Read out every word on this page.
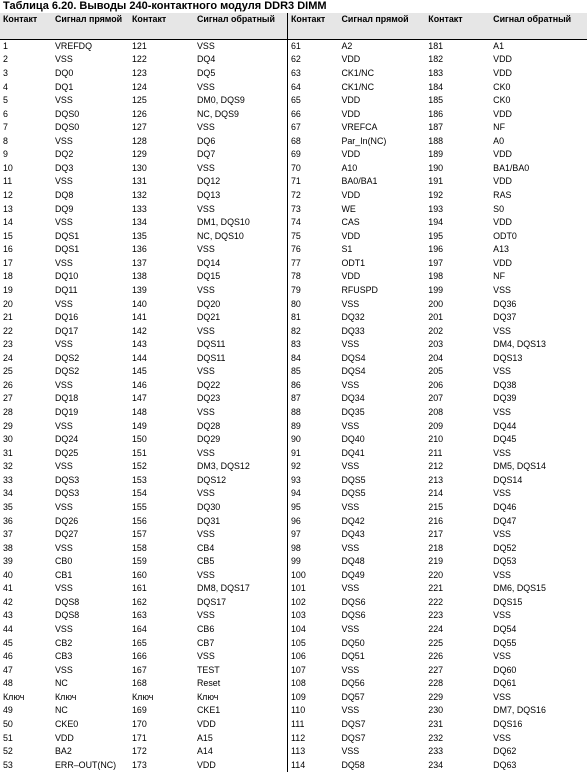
Таблица 6.20. Выводы 240-контактного модуля DDR3 DIMM
Контакт	Сигнал прямой	Контакт	Сигнал обратный
1	VREFDQ	121	VSS
2	VSS	122	DQ4
3	DQ0	123	DQ5
4	DQ1	124	VSS
5	VSS	125	DM0, DQS9
6	DQS0	126	NC, DQS9
7	DQS0	127	VSS
8	VSS	128	DQ6
9	DQ2	129	DQ7
10	DQ3	130	VSS
11	VSS	131	DQ12
12	DQ8	132	DQ13
13	DQ9	133	VSS
14	VSS	134	DM1, DQS10
15	DQS1	135	NC, DQS10
16	DQS1	136	VSS
17	VSS	137	DQ14
18	DQ10	138	DQ15
19	DQ11	139	VSS
20	VSS	140	DQ20
21	DQ16	141	DQ21
22	DQ17	142	VSS
23	VSS	143	DQS11
24	DQS2	144	DQS11
25	DQS2	145	VSS
26	VSS	146	DQ22
27	DQ18	147	DQ23
28	DQ19	148	VSS
29	VSS	149	DQ28
30	DQ24	150	DQ29
31	DQ25	151	VSS
32	VSS	152	DM3, DQS12
33	DQS3	153	DQS12
34	DQS3	154	VSS
35	VSS	155	DQ30
36	DQ26	156	DQ31
37	DQ27	157	VSS
38	VSS	158	CB4
39	CB0	159	CB5
40	CB1	160	VSS
41	VSS	161	DM8, DQS17
42	DQS8	162	DQS17
43	DQS8	163	VSS
44	VSS	164	CB6
45	CB2	165	CB7
46	CB3	166	VSS
47	VSS	167	TEST
48	NC	168	Reset
Ключ	Ключ	Ключ	Ключ
49	NC	169	CKE1
50	CKE0	170	VDD
51	VDD	171	A15
52	BA2	172	A14
53	ERR–OUT(NC)	173	VDD
Контакт	Сигнал прямой	Контакт	Сигнал обратный
61	A2	181	A1
62	VDD	182	VDD
63	CK1/NC	183	VDD
64	CK1/NC	184	CK0
65	VDD	185	CK0
66	VDD	186	VDD
67	VREFCA	187	NF
68	Par_In(NC)	188	A0
69	VDD	189	VDD
70	A10	190	BA1/BA0
71	BA0/BA1	191	VDD
72	VDD	192	RAS
73	WE	193	S0
74	CAS	194	VDD
75	VDD	195	ODT0
76	S1	196	A13
77	ODT1	197	VDD
78	VDD	198	NF
79	RFUSPD	199	VSS
80	VSS	200	DQ36
81	DQ32	201	DQ37
82	DQ33	202	VSS
83	VSS	203	DM4, DQS13
84	DQS4	204	DQS13
85	DQS4	205	VSS
86	VSS	206	DQ38
87	DQ34	207	DQ39
88	DQ35	208	VSS
89	VSS	209	DQ44
90	DQ40	210	DQ45
91	DQ41	211	VSS
92	VSS	212	DM5, DQS14
93	DQS5	213	DQS14
94	DQS5	214	VSS
95	VSS	215	DQ46
96	DQ42	216	DQ47
97	DQ43	217	VSS
98	VSS	218	DQ52
99	DQ48	219	DQ53
100	DQ49	220	VSS
101	VSS	221	DM6, DQS15
102	DQS6	222	DQS15
103	DQS6	223	VSS
104	VSS	224	DQ54
105	DQ50	225	DQ55
106	DQ51	226	VSS
107	VSS	227	DQ60
108	DQ56	228	DQ61
109	DQ57	229	VSS
110	VSS	230	DM7, DQS16
111	DQS7	231	DQS16
112	DQS7	232	VSS
113	VSS	233	DQ62
114	DQ58	234	DQ63
